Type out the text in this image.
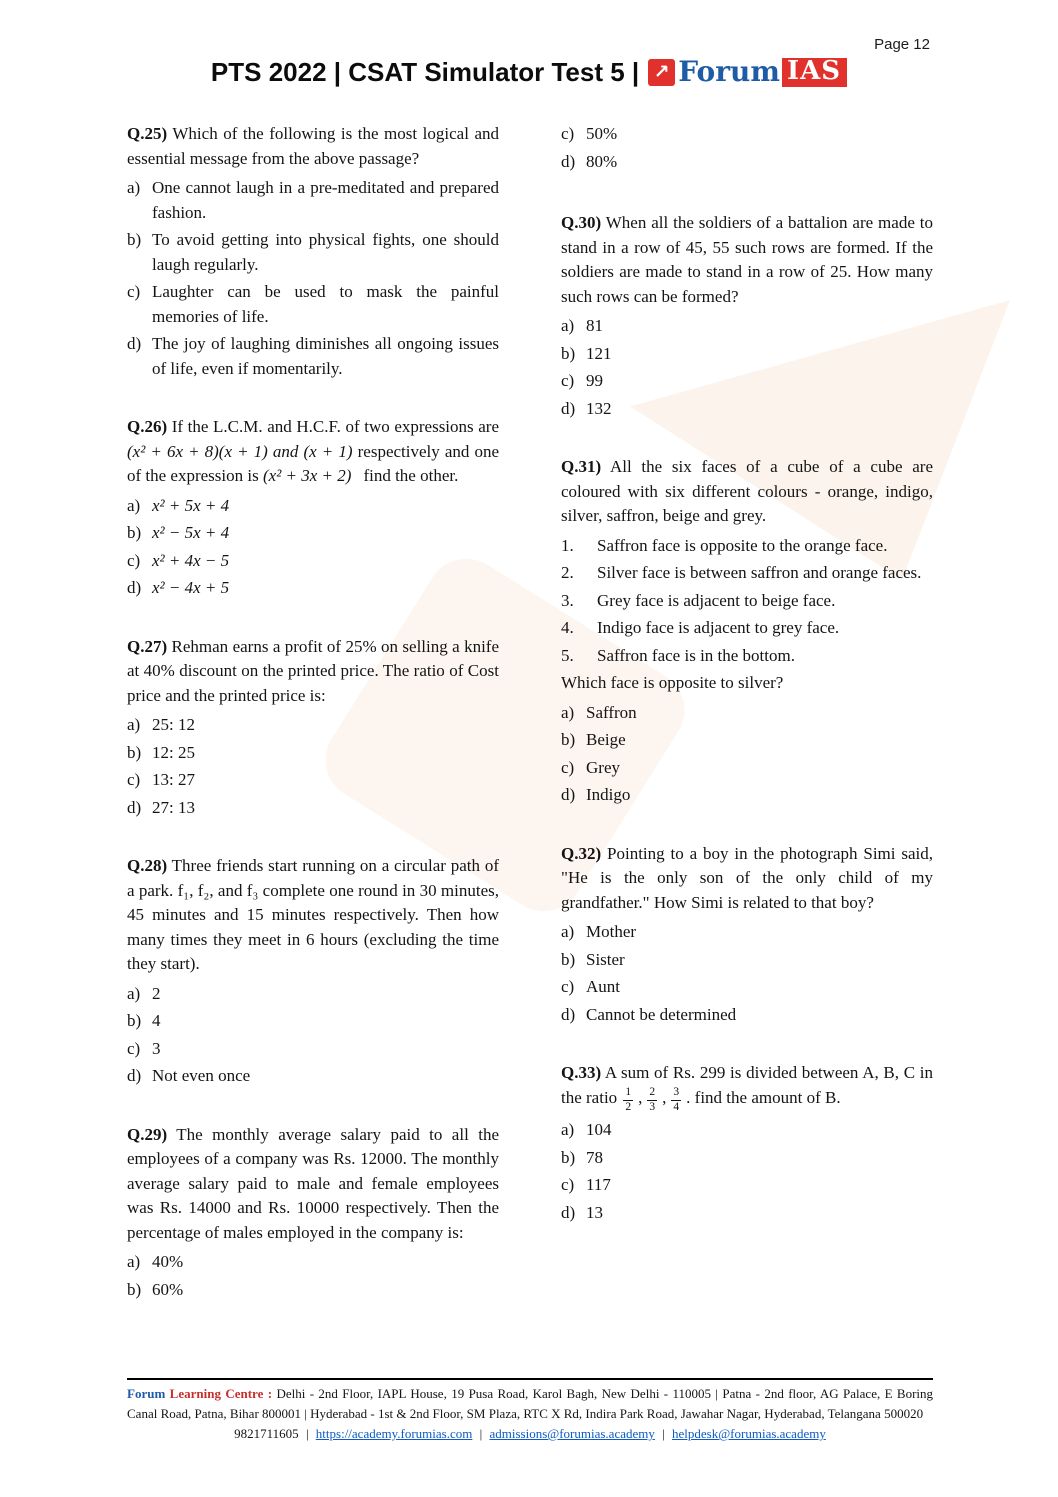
Page 12
PTS 2022 | CSAT Simulator Test 5 | ↗ Forum IAS
Q.25) Which of the following is the most logical and essential message from the above passage?
a) One cannot laugh in a pre-meditated and prepared fashion.
b) To avoid getting into physical fights, one should laugh regularly.
c) Laughter can be used to mask the painful memories of life.
d) The joy of laughing diminishes all ongoing issues of life, even if momentarily.
Q.26) If the L.C.M. and H.C.F. of two expressions are (x² + 6x + 8)(x + 1) and (x + 1) respectively and one of the expression is (x² + 3x + 2) find the other.
a) x² + 5x + 4
b) x² − 5x + 4
c) x² + 4x − 5
d) x² − 4x + 5
Q.27) Rehman earns a profit of 25% on selling a knife at 40% discount on the printed price. The ratio of Cost price and the printed price is:
a) 25: 12
b) 12: 25
c) 13: 27
d) 27: 13
Q.28) Three friends start running on a circular path of a park. f₁, f₂, and f₃ complete one round in 30 minutes, 45 minutes and 15 minutes respectively. Then how many times they meet in 6 hours (excluding the time they start).
a) 2
b) 4
c) 3
d) Not even once
Q.29) The monthly average salary paid to all the employees of a company was Rs. 12000. The monthly average salary paid to male and female employees was Rs. 14000 and Rs. 10000 respectively. Then the percentage of males employed in the company is:
a) 40%
b) 60%
c) 50%
d) 80%
Q.30) When all the soldiers of a battalion are made to stand in a row of 45, 55 such rows are formed. If the soldiers are made to stand in a row of 25. How many such rows can be formed?
a) 81
b) 121
c) 99
d) 132
Q.31) All the six faces of a cube of a cube are coloured with six different colours - orange, indigo, silver, saffron, beige and grey.
1. Saffron face is opposite to the orange face.
2. Silver face is between saffron and orange faces.
3. Grey face is adjacent to beige face.
4. Indigo face is adjacent to grey face.
5. Saffron face is in the bottom.
Which face is opposite to silver?
a) Saffron
b) Beige
c) Grey
d) Indigo
Q.32) Pointing to a boy in the photograph Simi said, "He is the only son of the only child of my grandfather." How Simi is related to that boy?
a) Mother
b) Sister
c) Aunt
d) Cannot be determined
Q.33) A sum of Rs. 299 is divided between A, B, C in the ratio $\frac{1}{2}$ , $\frac{2}{3}$ , $\frac{3}{4}$ . find the amount of B.
a) 104
b) 78
c) 117
d) 13
Forum Learning Centre : Delhi - 2nd Floor, IAPL House, 19 Pusa Road, Karol Bagh, New Delhi - 110005 | Patna - 2nd floor, AG Palace, E Boring Canal Road, Patna, Bihar 800001 | Hyderabad - 1st & 2nd Floor, SM Plaza, RTC X Rd, Indira Park Road, Jawahar Nagar, Hyderabad, Telangana 500020
9821711605 | https://academy.forumias.com | admissions@forumias.academy | helpdesk@forumias.academy
